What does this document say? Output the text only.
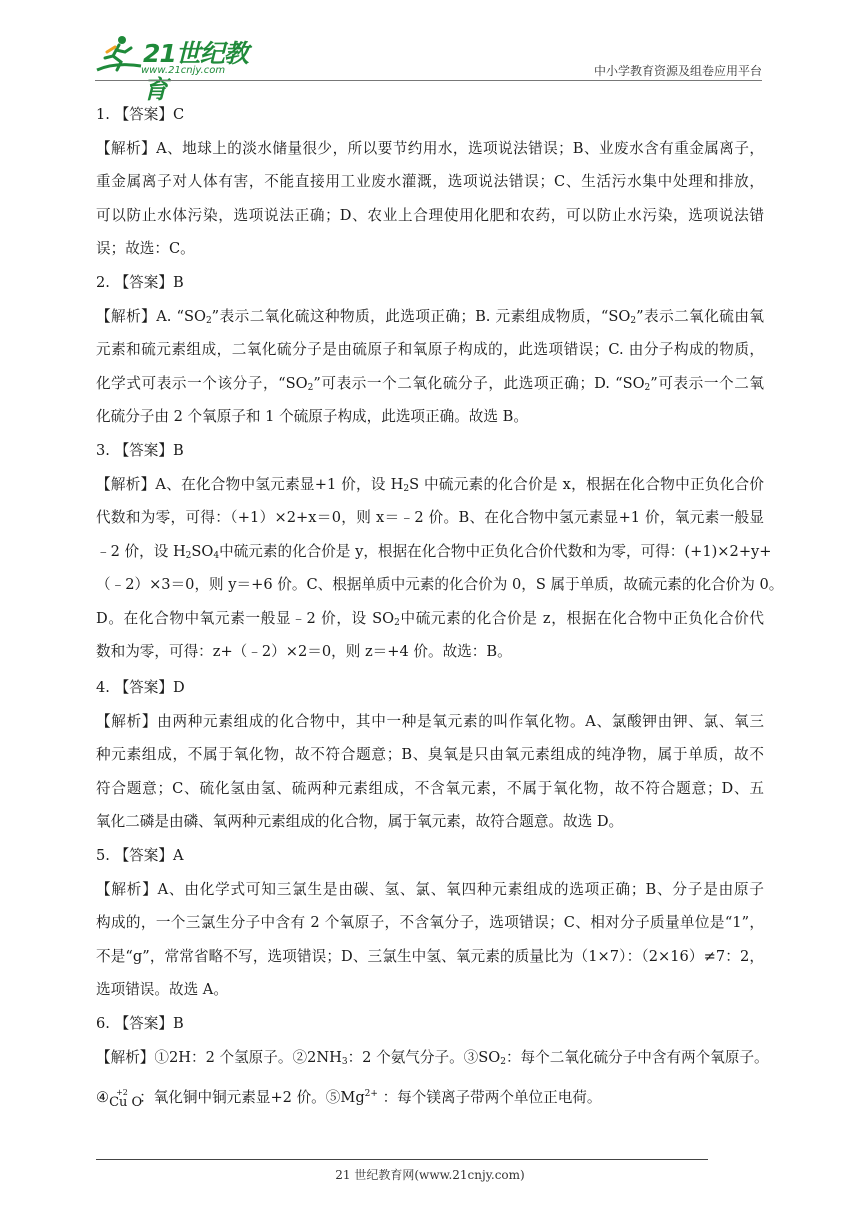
21世纪教育
www.21cnjy.com	中小学教育资源及组卷应用平台
1. 【答案】C
【解析】A、地球上的淡水储量很少，所以要节约用水，选项说法错误；B、业废水含有重金属离子，
重金属离子对人体有害，不能直接用工业废水灌溉，选项说法错误；C、生活污水集中处理和排放，
可以防止水体污染，选项说法正确；D、农业上合理使用化肥和农药，可以防止水污染，选项说法错
误；故选：C。
2. 【答案】B
【解析】A. “$SO_2$”表示二氧化硫这种物质，此选项正确；B. 元素组成物质，“$SO_2$”表示二氧化硫由氧
元素和硫元素组成，二氧化硫分子是由硫原子和氧原子构成的，此选项错误；C. 由分子构成的物质，
化学式可表示一个该分子，“$SO_2$”可表示一个二氧化硫分子，此选项正确；D. “$SO_2$”可表示一个二氧
化硫分子由 2 个氧原子和 1 个硫原子构成，此选项正确。故选 B。
3. 【答案】B
【解析】A、在化合物中氢元素显+1 价，设 $H_2S$ 中硫元素的化合价是 x，根据在化合物中正负化合价
代数和为零，可得：（+1）×2+x＝0，则 x＝﹣2 价。B、在化合物中氢元素显+1 价，氧元素一般显
﹣2 价，设 $H_2SO_4$中硫元素的化合价是 y，根据在化合物中正负化合价代数和为零，可得：(+1)×2+y+
（﹣2）×3＝0，则 y＝+6 价。C、根据单质中元素的化合价为 0，S 属于单质，故硫元素的化合价为 0。
D。在化合物中氧元素一般显﹣2 价，设 $SO_2$中硫元素的化合价是 z，根据在化合物中正负化合价代
数和为零，可得：z+（﹣2）×2＝0，则 z＝+4 价。故选：B。
4. 【答案】D
【解析】由两种元素组成的化合物中，其中一种是氧元素的叫作氧化物。A、氯酸钾由钾、氯、氧三
种元素组成，不属于氧化物，故不符合题意；B、臭氧是只由氧元素组成的纯净物，属于单质，故不
符合题意；C、硫化氢由氢、硫两种元素组成，不含氧元素，不属于氧化物，故不符合题意；D、五
氧化二磷是由磷、氧两种元素组成的化合物，属于氧元素，故符合题意。故选 D。
5. 【答案】A
【解析】A、由化学式可知三氯生是由碳、氢、氯、氧四种元素组成的选项正确；B、分子是由原子
构成的，一个三氯生分子中含有 2 个氧原子，不含氧分子，选项错误；C、相对分子质量单位是“1”，
不是“g”，常常省略不写，选项错误；D、三氯生中氢、氧元素的质量比为（1×7）：（2×16）≠7：2，
选项错误。故选 A。
6. 【答案】B
【解析】①2H：2 个氢原子。$②2NH_3$：2 个氨气分子。$③SO_2$：每个二氧化硫分子中含有两个氧原子。
④ +2
Cu O
：氧化铜中铜元素显+2 价。$⑤Mg^{2+}$ ：每个镁离子带两个单位正电荷。
21 世纪教育网(www.21cnjy.com)
